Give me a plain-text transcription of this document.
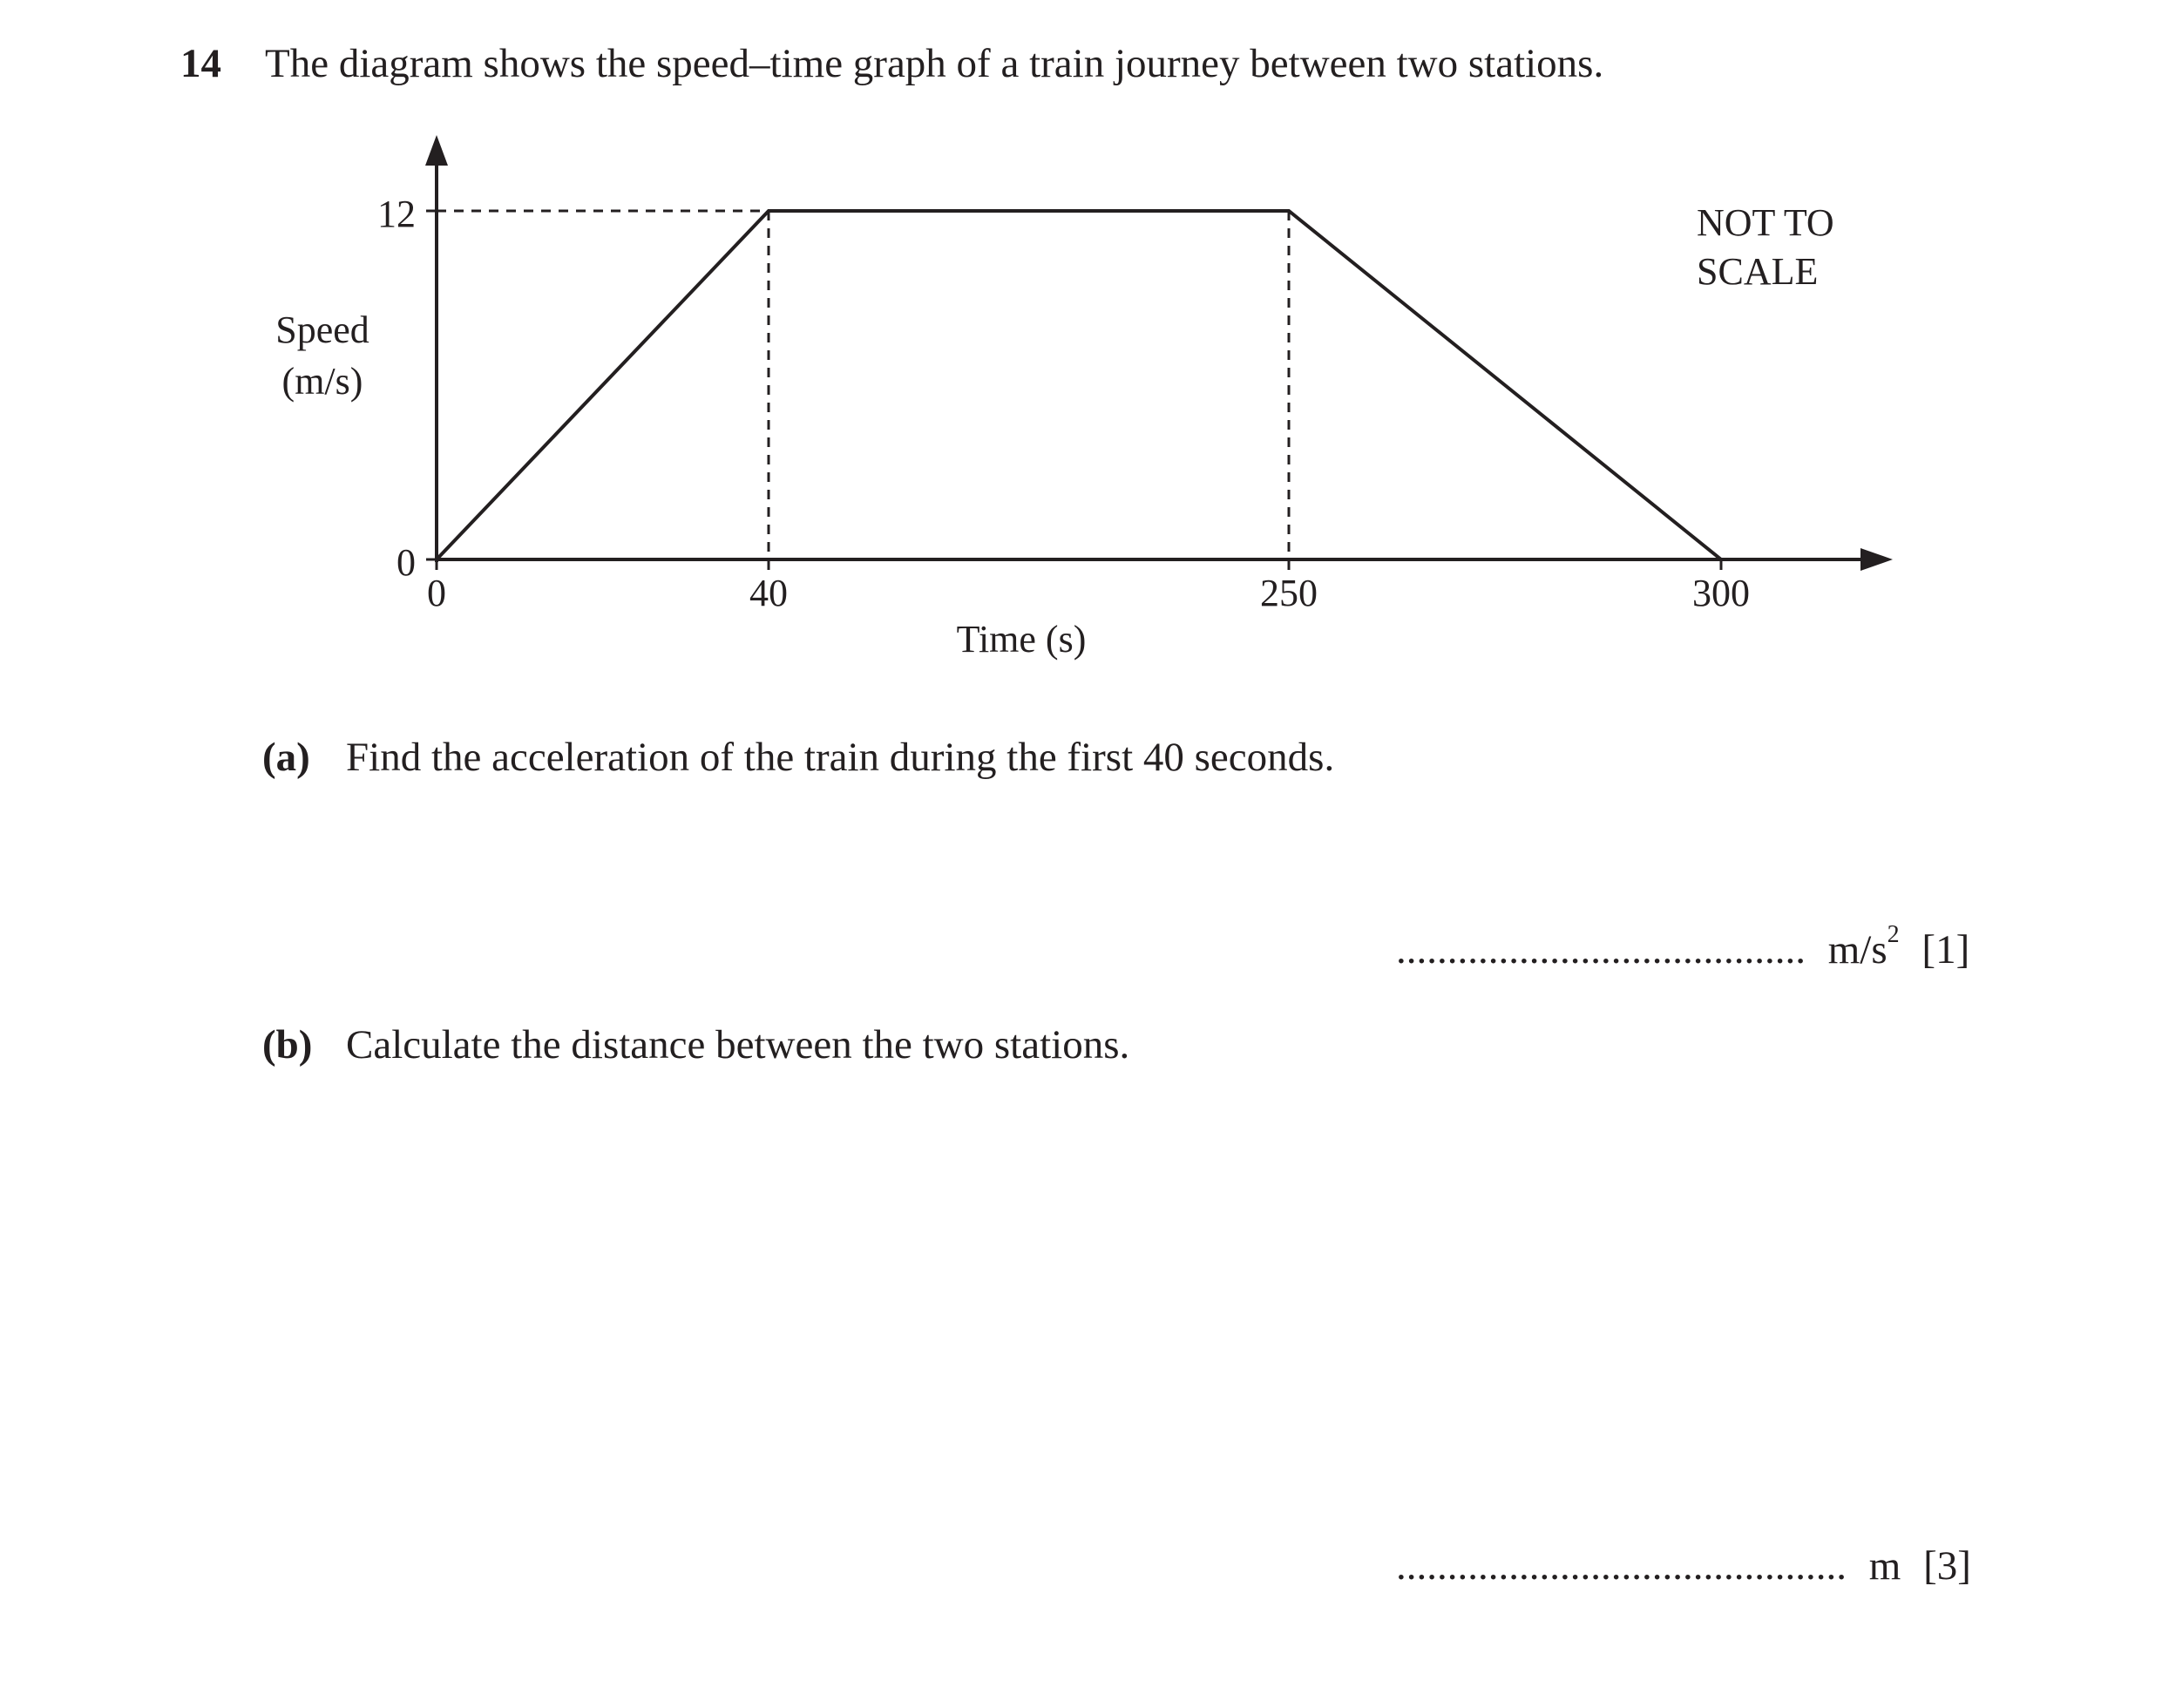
14 The diagram shows the speed–time graph of a train journey between two stations.
12
0
0	40	250	300
Time (s)
Speed
(m/s)
NOT TO
SCALE
(a) Find the acceleration of the train during the first 40 seconds.
........................................ $m/s^2$ [1]
(b) Calculate the distance between the two stations.
............................................ m [3]
